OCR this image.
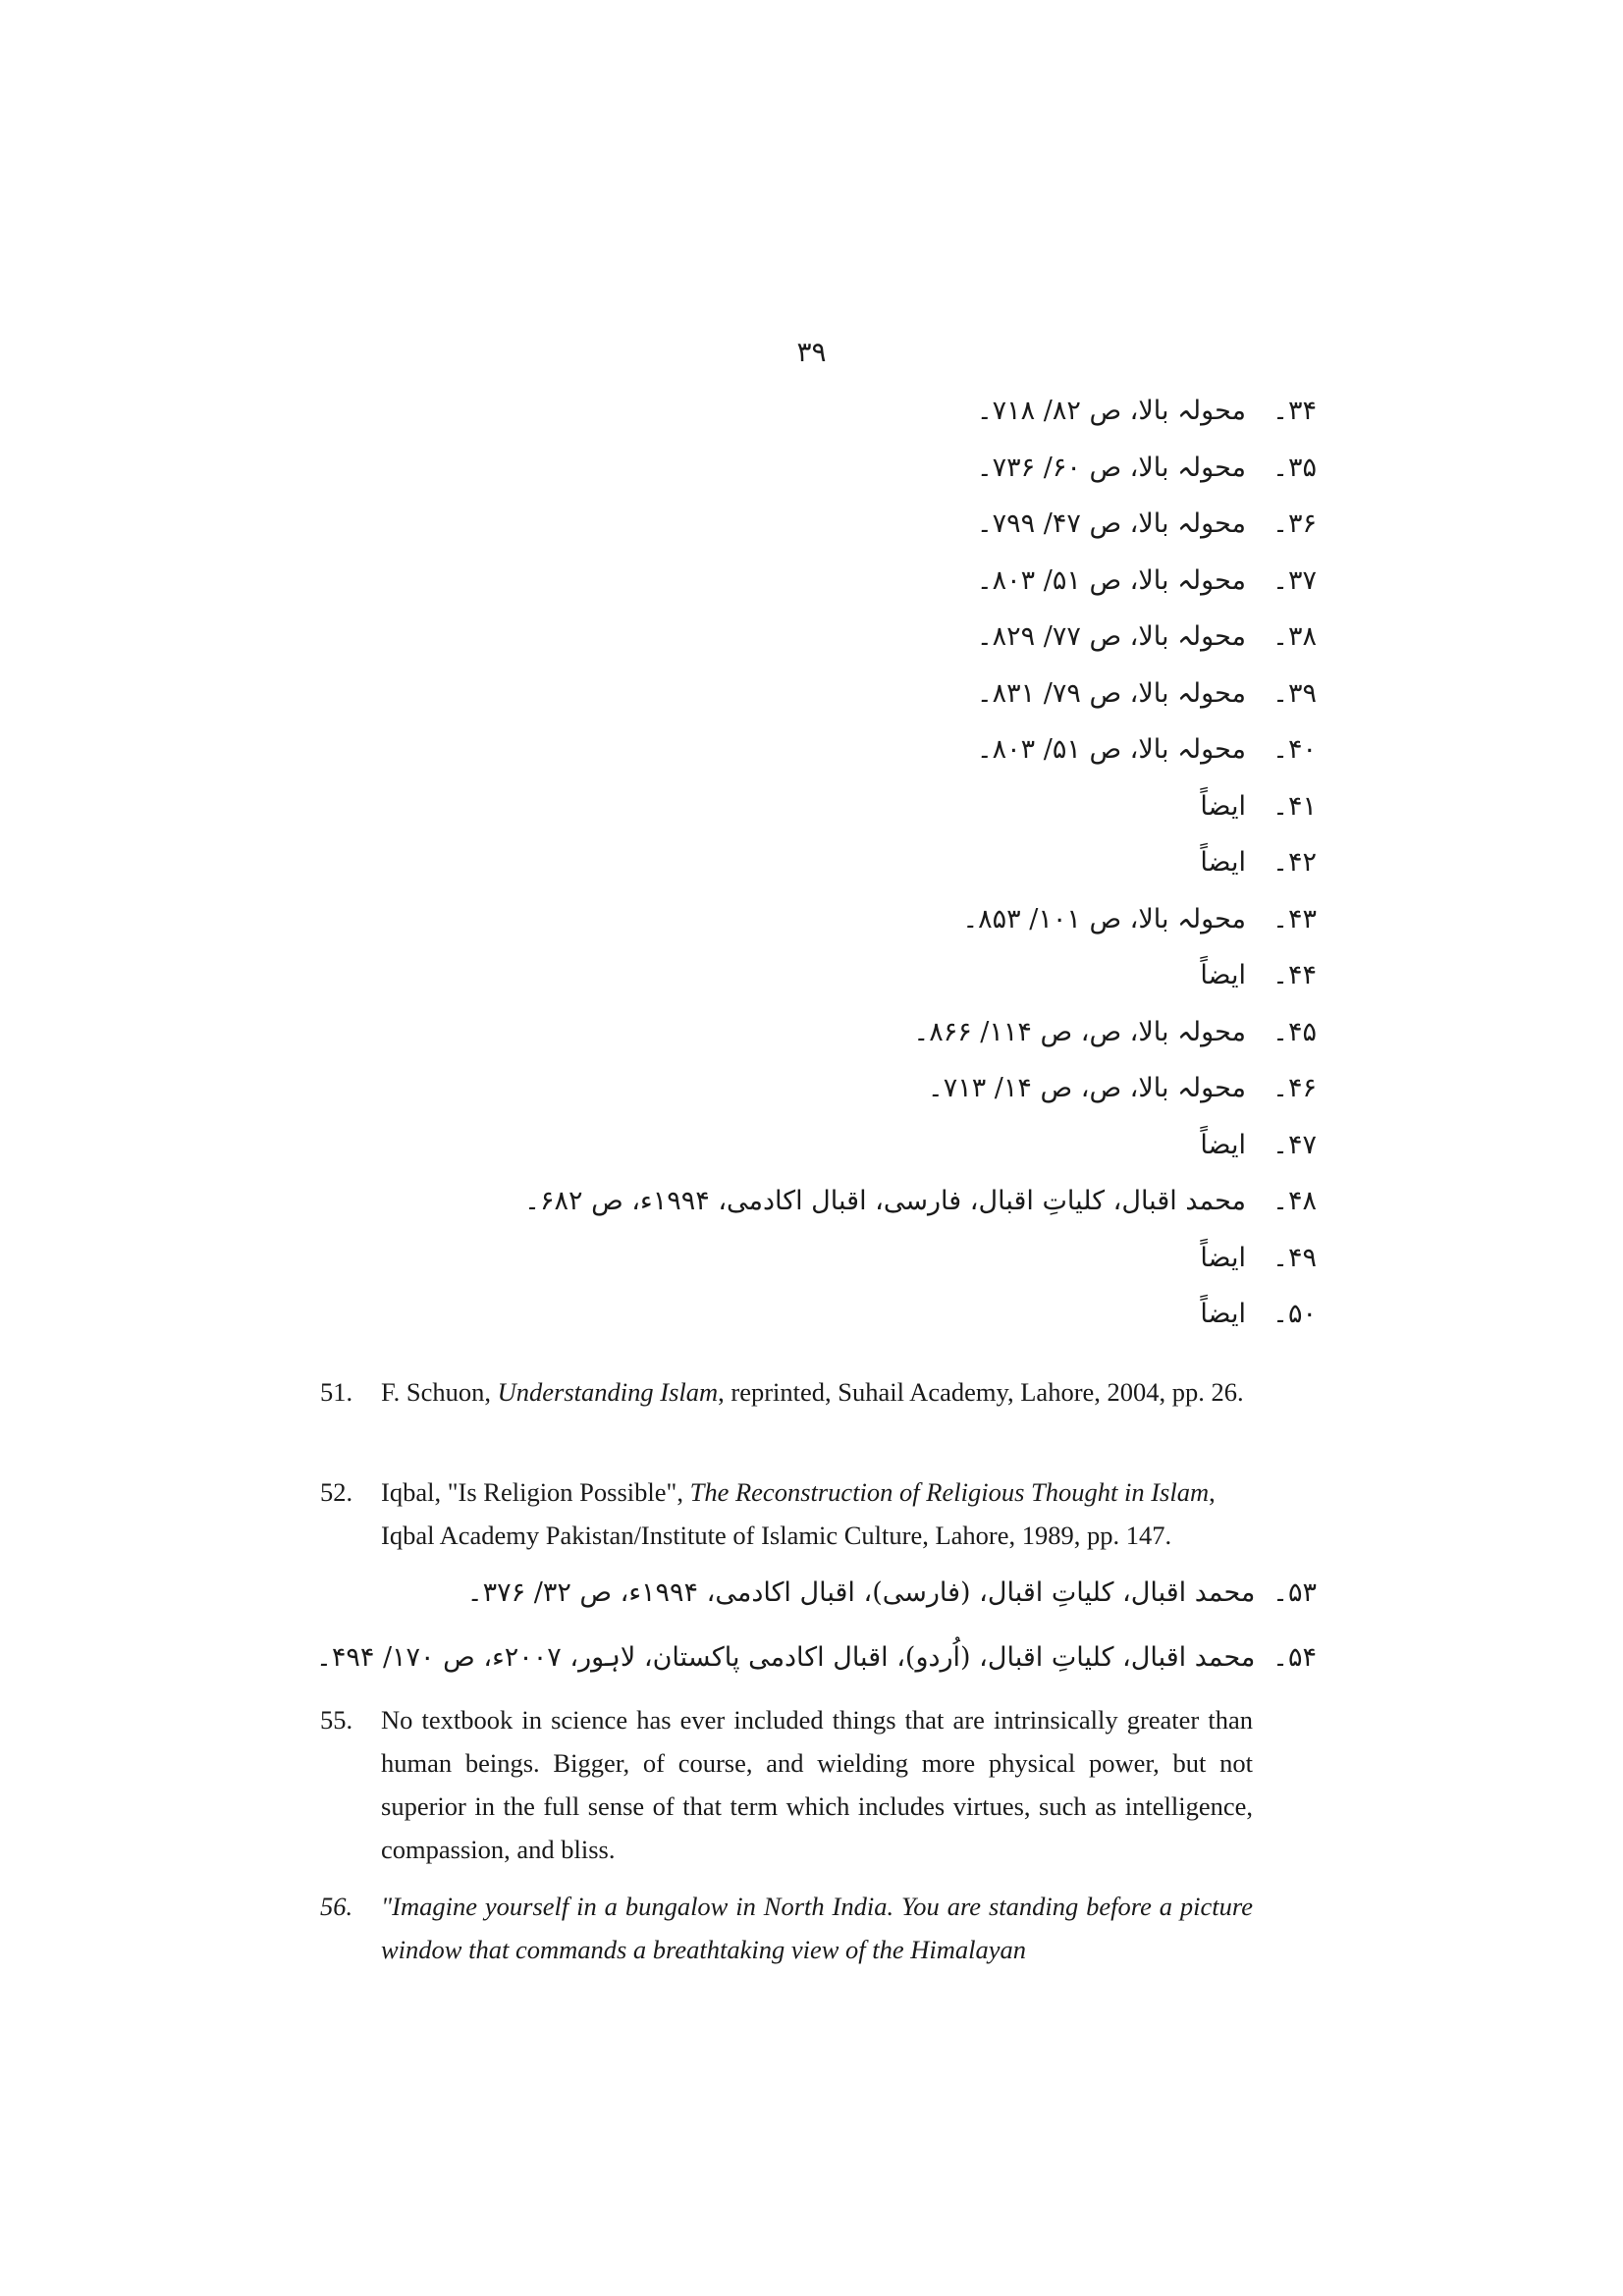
۳۹
۳۴۔محولہ بالا، ص ۸۲/ ۷۱۸۔
۳۵۔محولہ بالا، ص ۶۰/ ۷۳۶۔
۳۶۔محولہ بالا، ص ۴۷/ ۷۹۹۔
۳۷۔محولہ بالا، ص ۵۱/ ۸۰۳۔
۳۸۔محولہ بالا، ص ۷۷/ ۸۲۹۔
۳۹۔محولہ بالا، ص ۷۹/ ۸۳۱۔
۴۰۔محولہ بالا، ص ۵۱/ ۸۰۳۔
۴۱۔ایضاً
۴۲۔ایضاً
۴۳۔محولہ بالا، ص ۱۰۱/ ۸۵۳۔
۴۴۔ایضاً
۴۵۔محولہ بالا، ص، ص ۱۱۴/ ۸۶۶۔
۴۶۔محولہ بالا، ص، ص ۱۴/ ۷۱۳۔
۴۷۔ایضاً
۴۸۔محمد اقبال، کلیاتِ اقبال، فارسی، اقبال اکادمی، ۱۹۹۴ء، ص ۶۸۲۔
۴۹۔ایضاً
۵۰۔ایضاً
51. F. Schuon, Understanding Islam, reprinted, Suhail Academy, Lahore, 2004, pp. 26.
52. Iqbal, "Is Religion Possible", The Reconstruction of Religious Thought in Islam, Iqbal Academy Pakistan/Institute of Islamic Culture, Lahore, 1989, pp. 147.
۵۳۔ محمد اقبال، کلیاتِ اقبال، (فارسی)، اقبال اکادمی، ۱۹۹۴ء، ص ۳۲/ ۳۷۶۔
۵۴۔ محمد اقبال، کلیاتِ اقبال، (اُردو)، اقبال اکادمی پاکستان، لاہور، ۲۰۰۷ء، ص ۱۷۰/ ۴۹۴۔
55. No textbook in science has ever included things that are intrinsically greater than human beings. Bigger, of course, and wielding more physical power, but not superior in the full sense of that term which includes virtues, such as intelligence, compassion, and bliss.
56. "Imagine yourself in a bungalow in North India. You are standing before a picture window that commands a breathtaking view of the Himalayan
